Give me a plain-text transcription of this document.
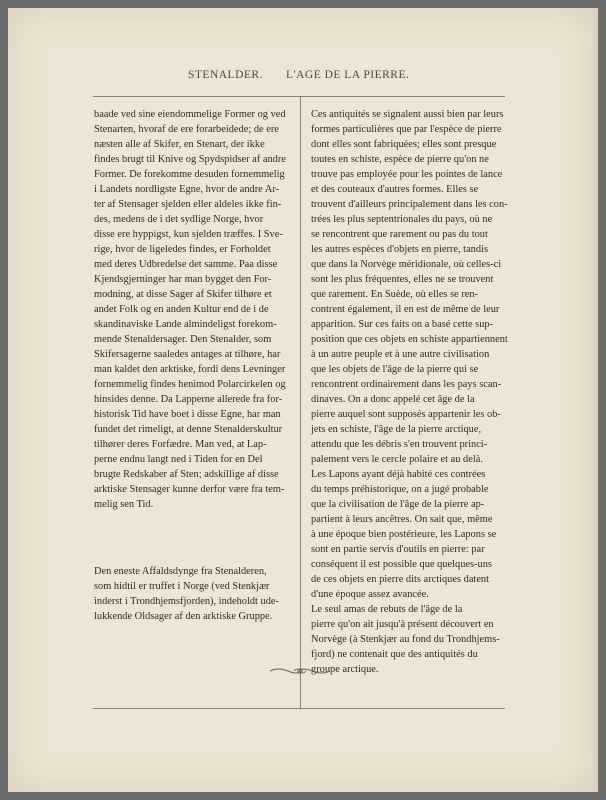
STENALDER. L'AGE DE LA PIERRE.

baade ved sine eiendommelige Former og ved
Stenarten, hvoraf de ere forarbeidede; de ere
næsten alle af Skifer, en Stenart, der ikke
findes brugt til Knive og Spydspidser af andre
Former. De forekomme desuden fornemmelig
i Landets nordligste Egne, hvor de andre Ar-
ter af Stensager sjelden eller aldeles ikke fin-
des, medens de i det sydlige Norge, hvor
disse ere hyppigst, kun sjelden træffes. I Sve-
rige, hvor de ligeledes findes, er Forholdet
med deres Udbredelse det samme. Paa disse
Kjendsgjerninger har man bygget den For-
modning, at disse Sager af Skifer tilhøre et
andet Folk og en anden Kultur end de i de
skandinaviske Lande almindeligst forekom-
mende Stenaldersager. Den Stenalder, som
Skifersagerne saaledes antages at tilhøre, har
man kaldet den arktiske, fordi dens Levninger
fornemmelig findes henimod Polarcirkelen og
hinsides denne. Da Lapperne allerede fra for-
historisk Tid have boet i disse Egne, har man
fundet det rimeligt, at denne Stenalderskultur
tilhører deres Forfædre. Man ved, at Lap-
perne endnu langt ned i Tiden for en Del
brugte Redskaber af Sten; adskillige af disse
arktiske Stensager kunne derfor være fra tem-
melig sen Tid.

Den eneste Affaldsdynge fra Stenalderen,
som hidtil er truffet i Norge (ved Stenkjær
inderst i Trondhjemsfjorden), indeholdt ude-
lukkende Oldsager af den arktiske Gruppe.

Ces antiquités se signalent aussi bien par leurs
formes particulières que par l'espèce de pierre
dont elles sont fabriquées; elles sont presque
toutes en schiste, espèce de pierre qu'on ne
trouve pas employée pour les pointes de lance
et des couteaux d'autres formes. Elles se
trouvent d'ailleurs principalement dans les con-
trées les plus septentrionales du pays, où ne
se rencontrent que rarement ou pas du tout
les autres espèces d'objets en pierre, tandis
que dans la Norvège méridionale, où celles-ci
sont les plus fréquentes, elles ne se trouvent
que rarement. En Suède, où elles se ren-
contrent également, il en est de même de leur
apparition. Sur ces faits on a basé cette sup-
position que ces objets en schiste appartiennent
à un autre peuple et à une autre civilisation
que les objets de l'âge de la pierre qui se
rencontrent ordinairement dans les pays scan-
dinaves. On a donc appelé cet âge de la
pierre auquel sont supposés appartenir les ob-
jets en schiste, l'âge de la pierre arctique,
attendu que les débris s'en trouvent princi-
palement vers le cercle polaire et au delà.
Les Lapons ayant déjà habité ces contrées
du temps préhistorique, on a jugé probable
que la civilisation de l'âge de la pierre ap-
partient à leurs ancêtres. On sait que, même
à une époque bien postérieure, les Lapons se
sont en partie servis d'outils en pierre: par
conséquent il est possible que quelques-uns
de ces objets en pierre dits arctiques datent
d'une époque assez avancée.
Le seul amas de rebuts de l'âge de la
pierre qu'on ait jusqu'à présent découvert en
Norvège (à Stenkjær au fond du Trondhjems-
fjord) ne contenait que des antiquités du
groupe arctique.
